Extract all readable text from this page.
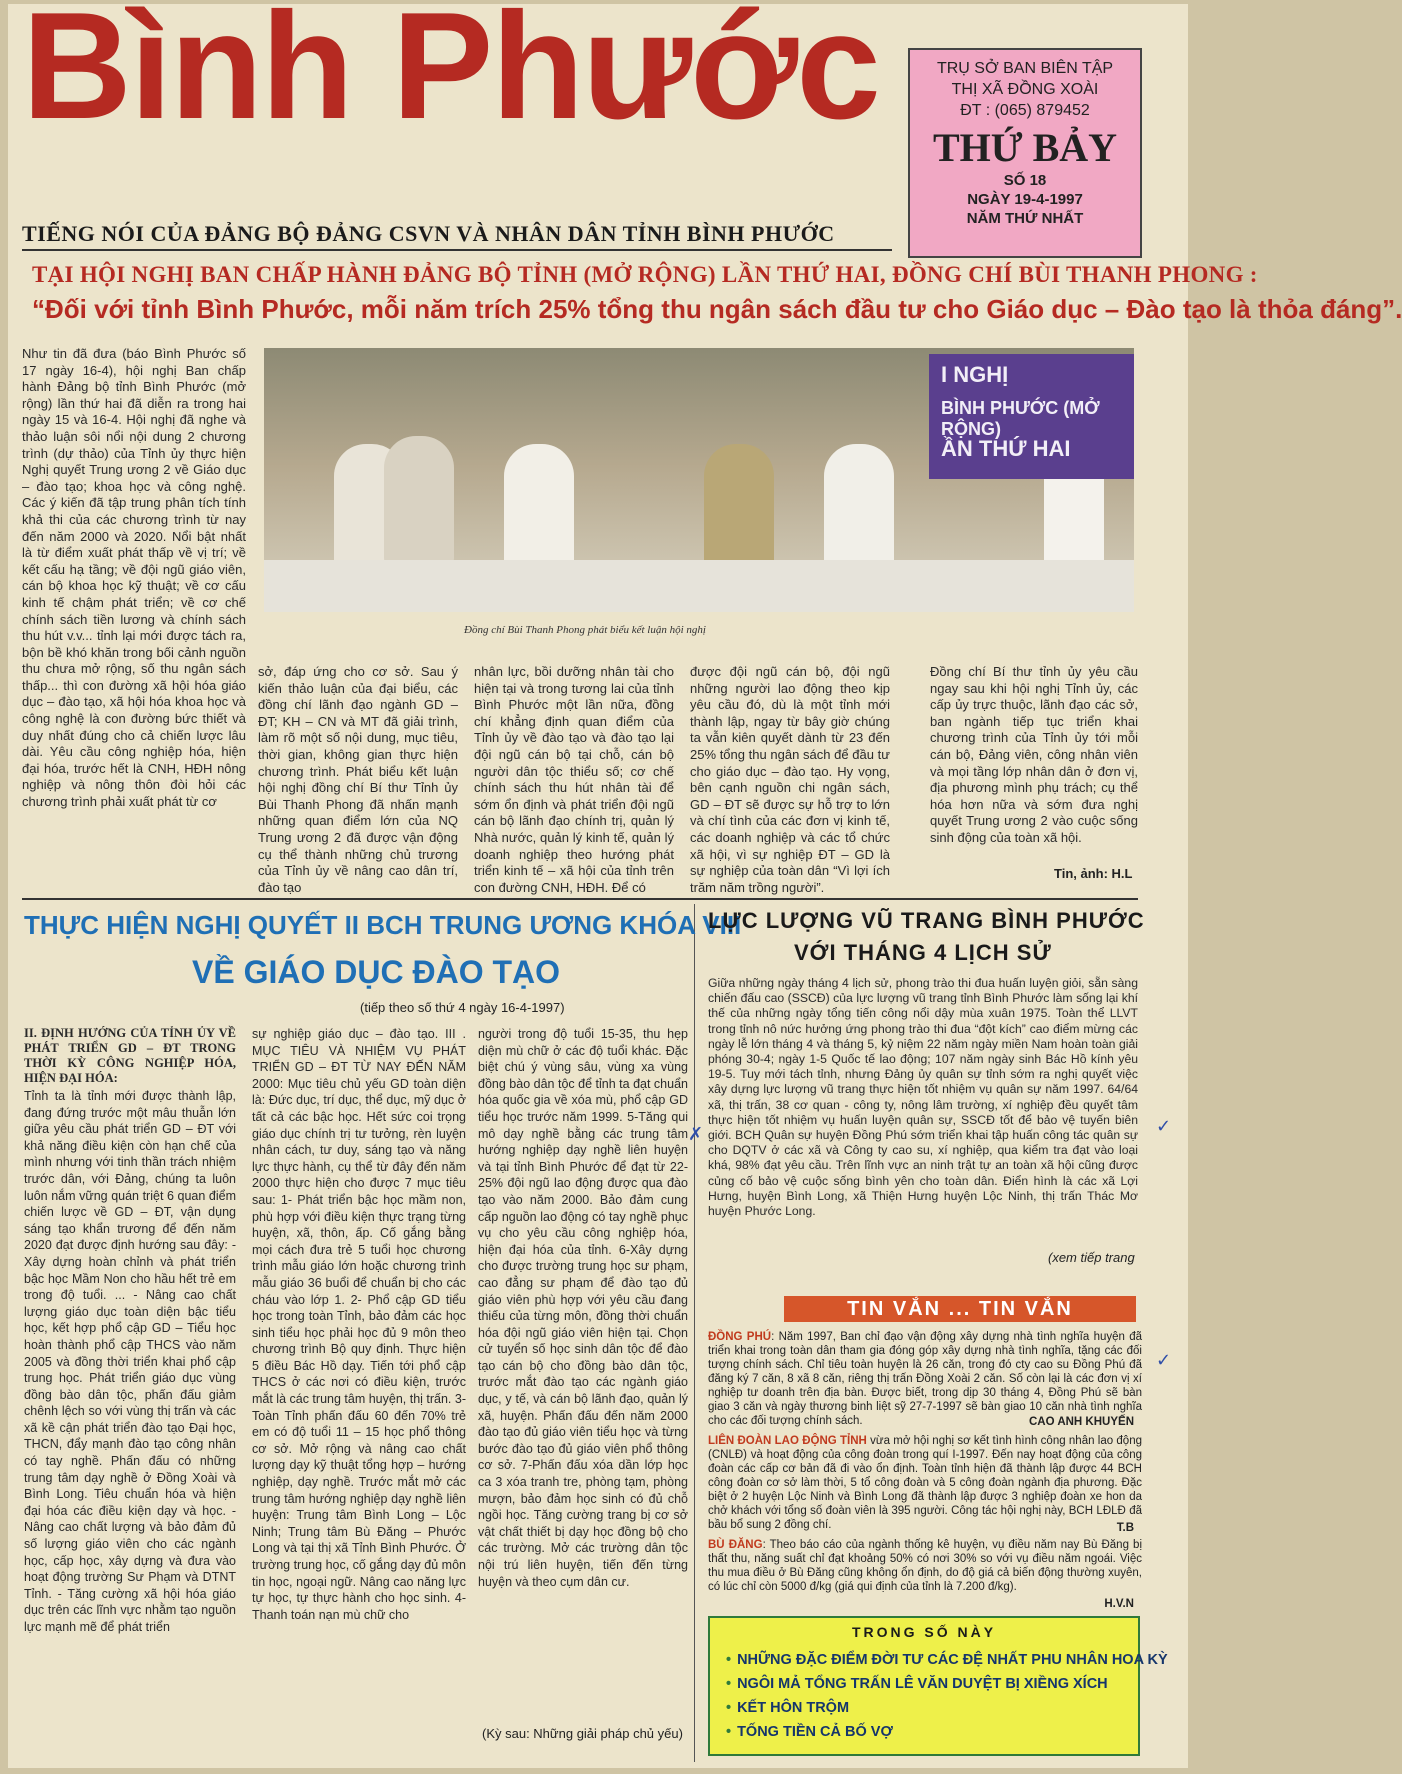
Bình Phước
TIẾNG NÓI CỦA ĐẢNG BỘ ĐẢNG CSVN VÀ NHÂN DÂN TỈNH BÌNH PHƯỚC
TRỤ SỞ BAN BIÊN TẬP
THỊ XÃ ĐỒNG XOÀI
ĐT : (065) 879452
THỨ BẢY
SỐ 18
NGÀY 19-4-1997
NĂM THỨ NHẤT
TẠI HỘI NGHỊ BAN CHẤP HÀNH ĐẢNG BỘ TỈNH (MỞ RỘNG) LẦN THỨ HAI, ĐỒNG CHÍ BÙI THANH PHONG :
“Đối với tỉnh Bình Phước, mỗi năm trích 25% tổng thu ngân sách đầu tư cho Giáo dục – Đào tạo là thỏa đáng”.
Như tin đã đưa (báo Bình Phước số 17 ngày 16-4), hội nghị Ban chấp hành Đảng bộ tỉnh Bình Phước (mở rộng) lần thứ hai đã diễn ra trong hai ngày 15 và 16-4. Hội nghị đã nghe và thảo luận sôi nổi nội dung 2 chương trình (dự thảo) của Tỉnh ủy thực hiện Nghị quyết Trung ương 2 về Giáo dục – đào tạo; khoa học và công nghệ. Các ý kiến đã tập trung phân tích tính khả thi của các chương trình từ nay đến năm 2000 và 2020. Nổi bật nhất là từ điểm xuất phát thấp về vị trí; về kết cấu hạ tầng; về đội ngũ giáo viên, cán bộ khoa học kỹ thuật; về cơ cấu kinh tế chậm phát triển; về cơ chế chính sách tiền lương và chính sách thu hút v.v... tỉnh lại mới được tách ra, bộn bề khó khăn trong bối cảnh nguồn thu chưa mở rộng, số thu ngân sách thấp... thì con đường xã hội hóa giáo dục – đào tạo, xã hội hóa khoa học và công nghệ là con đường bức thiết và duy nhất đúng cho cả chiến lược lâu dài. Yêu cầu công nghiệp hóa, hiện đại hóa, trước hết là CNH, HĐH nông nghiệp và nông thôn đòi hỏi các chương trình phải xuất phát từ cơ
I NGHỊ
BÌNH PHƯỚC (MỞ RỘNG)
ẦN THỨ HAI
Đồng chí Bùi Thanh Phong phát biểu kết luận hội nghị
sở, đáp ứng cho cơ sở. Sau ý kiến thảo luận của đại biểu, các đồng chí lãnh đạo ngành GD – ĐT; KH – CN và MT đã giải trình, làm rõ một số nội dung, mục tiêu, thời gian, không gian thực hiện chương trình. Phát biểu kết luận hội nghị đồng chí Bí thư Tỉnh ủy Bùi Thanh Phong đã nhấn mạnh những quan điểm lớn của NQ Trung ương 2 đã được vận động cụ thể thành những chủ trương của Tỉnh ủy về nâng cao dân trí, đào tạo
nhân lực, bồi dưỡng nhân tài cho hiện tại và trong tương lai của tỉnh Bình Phước một lần nữa, đồng chí khẳng định quan điểm của Tỉnh ủy về đào tạo và đào tạo lại đội ngũ cán bộ tại chỗ, cán bộ người dân tộc thiểu số; cơ chế chính sách thu hút nhân tài để sớm ổn định và phát triển đội ngũ cán bộ lãnh đạo chính trị, quản lý Nhà nước, quản lý kinh tế, quản lý doanh nghiệp theo hướng phát triển kinh tế – xã hội của tỉnh trên con đường CNH, HĐH. Để có
được đội ngũ cán bộ, đội ngũ những người lao động theo kịp yêu cầu đó, dù là một tỉnh mới thành lập, ngay từ bây giờ chúng ta vẫn kiên quyết dành từ 23 đến 25% tổng thu ngân sách để đầu tư cho giáo dục – đào tạo. Hy vọng, bên cạnh nguồn chi ngân sách, GD – ĐT sẽ được sự hỗ trợ to lớn và chí tình của các đơn vị kinh tế, các doanh nghiệp và các tổ chức xã hội, vì sự nghiệp ĐT – GD là sự nghiệp của toàn dân “Vì lợi ích trăm năm trồng người”.
Đồng chí Bí thư tỉnh ủy yêu cầu ngay sau khi hội nghị Tỉnh ủy, các cấp ủy trực thuộc, lãnh đạo các sở, ban ngành tiếp tục triển khai chương trình của Tỉnh ủy tới mỗi cán bộ, Đảng viên, công nhân viên và mọi tầng lớp nhân dân ở đơn vị, địa phương mình phụ trách; cụ thể hóa hơn nữa và sớm đưa nghị quyết Trung ương 2 vào cuộc sống sinh động của toàn xã hội.
Tin, ảnh: H.L
THỰC HIỆN NGHỊ QUYẾT II BCH TRUNG ƯƠNG KHÓA VIII
VỀ GIÁO DỤC ĐÀO TẠO
(tiếp theo số thứ 4 ngày 16-4-1997)
II. ĐỊNH HƯỚNG CỦA TỈNH ỦY VỀ PHÁT TRIỂN GD – ĐT TRONG THỜI KỲ CÔNG NGHIỆP HÓA, HIỆN ĐẠI HÓA:
Tỉnh ta là tỉnh mới được thành lập, đang đứng trước một mâu thuẫn lớn giữa yêu cầu phát triển GD – ĐT với khả năng điều kiện còn hạn chế của mình nhưng với tinh thần trách nhiệm trước dân, với Đảng, chúng ta luôn luôn nắm vững quán triệt 6 quan điểm chiến lược về GD – ĐT, vận dụng sáng tạo khẩn trương để đến năm 2020 đạt được định hướng sau đây: - Xây dựng hoàn chỉnh và phát triển bậc học Mầm Non cho hầu hết trẻ em trong độ tuổi. ... - Nâng cao chất lượng giáo dục toàn diện bậc tiểu học, kết hợp phổ cập GD – Tiểu học hoàn thành phổ cập THCS vào năm 2005 và đồng thời triển khai phổ cập trung học. Phát triển giáo dục vùng đồng bào dân tộc, phấn đấu giảm chênh lệch so với vùng thị trấn và các xã kề cận phát triển đào tạo Đại học, THCN, đẩy mạnh đào tạo công nhân có tay nghề. Phấn đấu có những trung tâm dạy nghề ở Đồng Xoài và Bình Long. Tiêu chuẩn hóa và hiện đại hóa các điều kiện dạy và học. - Nâng cao chất lượng và bảo đảm đủ số lượng giáo viên cho các ngành học, cấp học, xây dựng và đưa vào hoạt động trường Sư Phạm và DTNT Tỉnh. - Tăng cường xã hội hóa giáo dục trên các lĩnh vực nhằm tạo nguồn lực mạnh mẽ để phát triển
sự nghiệp giáo dục – đào tạo. III . MỤC TIÊU VÀ NHIỆM VỤ PHÁT TRIỂN GD – ĐT TỪ NAY ĐẾN NĂM 2000: Mục tiêu chủ yếu GD toàn diện là: Đức dục, trí dục, thể dục, mỹ dục ở tất cả các bậc học. Hết sức coi trọng giáo dục chính trị tư tưởng, rèn luyện nhân cách, tư duy, sáng tạo và năng lực thực hành, cụ thể từ đây đến năm 2000 thực hiện cho được 7 mục tiêu sau: 1- Phát triển bậc học mầm non, phù hợp với điều kiện thực trạng từng huyện, xã, thôn, ấp. Cố gắng bằng mọi cách đưa trẻ 5 tuổi học chương trình mẫu giáo lớn hoặc chương trình mẫu giáo 36 buổi để chuẩn bị cho các cháu vào lớp 1. 2- Phổ cập GD tiểu học trong toàn Tỉnh, bảo đảm các học sinh tiểu học phải học đủ 9 môn theo chương trình Bộ quy định. Thực hiện 5 điều Bác Hồ dạy. Tiến tới phổ cập THCS ở các nơi có điều kiện, trước mắt là các trung tâm huyện, thị trấn. 3-Toàn Tỉnh phấn đấu 60 đến 70% trẻ em có độ tuổi 11 – 15 học phổ thông cơ sở. Mở rộng và nâng cao chất lượng dạy kỹ thuật tổng hợp – hướng nghiệp, dạy nghề. Trước mắt mở các trung tâm hướng nghiệp dạy nghề liên huyện: Trung tâm Bình Long – Lộc Ninh; Trung tâm Bù Đăng – Phước Long và tại thị xã Tỉnh Bình Phước. Ở trường trung học, cố gắng dạy đủ môn tin học, ngoại ngữ. Nâng cao năng lực tự học, tự thực hành cho học sinh. 4-Thanh toán nạn mù chữ cho
người trong độ tuổi 15-35, thu hẹp diện mù chữ ở các độ tuổi khác. Đặc biệt chú ý vùng sâu, vùng xa vùng đồng bào dân tộc để tỉnh ta đạt chuẩn hóa quốc gia về xóa mù, phổ cập GD tiểu học trước năm 1999. 5-Tăng qui mô dạy nghề bằng các trung tâm hướng nghiệp dạy nghề liên huyện và tại tỉnh Bình Phước để đạt từ 22-25% đội ngũ lao động được qua đào tạo vào năm 2000. Bảo đảm cung cấp nguồn lao động có tay nghề phục vụ cho yêu cầu công nghiệp hóa, hiện đại hóa của tỉnh. 6-Xây dựng cho được trường trung học sư phạm, cao đẳng sư phạm để đào tạo đủ giáo viên phù hợp với yêu cầu đang thiếu của từng môn, đồng thời chuẩn hóa đội ngũ giáo viên hiện tại. Chọn cử tuyển số học sinh dân tộc để đào tạo cán bộ cho đồng bào dân tộc, trước mắt đào tạo các ngành giáo dục, y tế, và cán bộ lãnh đạo, quản lý xã, huyện. Phấn đấu đến năm 2000 đào tạo đủ giáo viên tiểu học và từng bước đào tạo đủ giáo viên phổ thông cơ sở. 7-Phấn đấu xóa dần lớp học ca 3 xóa tranh tre, phòng tạm, phòng mượn, bảo đảm học sinh có đủ chỗ ngồi học. Tăng cường trang bị cơ sở vật chất thiết bị dạy học đồng bộ cho các trường. Mở các trường dân tộc nội trú liên huyện, tiến đến từng huyện và theo cụm dân cư.
(Kỳ sau: Những giải pháp chủ yếu)
LỰC LƯỢNG VŨ TRANG BÌNH PHƯỚC
VỚI THÁNG 4 LỊCH SỬ
Giữa những ngày tháng 4 lịch sử, phong trào thi đua huấn luyện giỏi, sẵn sàng chiến đấu cao (SSCĐ) của lực lượng vũ trang tỉnh Bình Phước làm sống lại khí thế của những ngày tổng tiến công nổi dậy mùa xuân 1975. Toàn thể LLVT trong tỉnh nô nức hưởng ứng phong trào thi đua “đột kích” cao điểm mừng các ngày lễ lớn tháng 4 và tháng 5, kỷ niệm 22 năm ngày miền Nam hoàn toàn giải phóng 30-4; ngày 1-5 Quốc tế lao động; 107 năm ngày sinh Bác Hồ kính yêu 19-5. Tuy mới tách tỉnh, nhưng Đảng ủy quân sự tỉnh sớm ra nghị quyết việc xây dựng lực lượng vũ trang thực hiện tốt nhiệm vụ quân sự năm 1997. 64/64 xã, thị trấn, 38 cơ quan - công ty, nông lâm trường, xí nghiệp đều quyết tâm thực hiện tốt nhiệm vụ huấn luyện quân sự, SSCĐ tốt để bảo vệ tuyến biên giới. BCH Quân sự huyện Đồng Phú sớm triển khai tập huấn công tác quân sự cho DQTV ở các xã và Công ty cao su, xí nghiệp, qua kiểm tra đạt vào loại khá, 98% đạt yêu cầu. Trên lĩnh vực an ninh trật tự an toàn xã hội cũng được củng cố bảo vệ cuộc sống bình yên cho toàn dân. Điển hình là các xã Lợi Hưng, huyện Bình Long, xã Thiện Hưng huyện Lộc Ninh, thị trấn Thác Mơ huyện Phước Long.
(xem tiếp trang
TIN VẮN ... TIN VẮN
ĐỒNG PHÚ: Năm 1997, Ban chỉ đạo vận động xây dựng nhà tình nghĩa huyện đã triển khai trong toàn dân tham gia đóng góp xây dựng nhà tình nghĩa, tặng các đối tượng chính sách. Chỉ tiêu toàn huyện là 26 căn, trong đó cty cao su Đồng Phú đã đăng ký 7 căn, 8 xã 8 căn, riêng thị trấn Đồng Xoài 2 căn. Số còn lại là các đơn vị xí nghiệp tư doanh trên địa bàn. Được biết, trong dịp 30 tháng 4, Đồng Phú sẽ bàn giao 3 căn và ngày thương binh liệt sỹ 27-7-1997 sẽ bàn giao 10 căn nhà tình nghĩa cho các đối tượng chính sách.	CAO ANH KHUYẾN
LIÊN ĐOÀN LAO ĐỘNG TỈNH vừa mở hội nghị sơ kết tình hình công nhân lao động (CNLĐ) và hoạt động của công đoàn trong quí I-1997. Đến nay hoạt động của công đoàn các cấp cơ bản đã đi vào ổn định. Toàn tỉnh hiện đã thành lập được 44 BCH công đoàn cơ sở làm thời, 5 tổ công đoàn và 5 công đoàn ngành địa phương. Đặc biệt ở 2 huyện Lộc Ninh và Bình Long đã thành lập được 3 nghiệp đoàn xe hon da chở khách với tổng số đoàn viên là 395 người. Công tác hội nghị này, BCH LĐLĐ đã bầu bổ sung 2 đồng chí.	T.B
BÙ ĐĂNG: Theo báo cáo của ngành thống kê huyện, vụ điều năm nay Bù Đăng bị thất thu, năng suất chỉ đạt khoảng 50% có nơi 30% so với vụ điều năm ngoái. Việc thu mua điều ở Bù Đăng cũng không ổn định, do độ giá cả biến động thường xuyên, có lúc chỉ còn 5000 đ/kg (giá qui định của tỉnh là 7.200 đ/kg).
H.V.N
TRONG SỐ NÀY
• NHỮNG ĐẶC ĐIỂM ĐỜI TƯ CÁC ĐỆ NHẤT PHU NHÂN HOA KỲ
• NGÔI MẢ TỔNG TRẤN LÊ VĂN DUYỆT BỊ XIỀNG XÍCH
• KẾT HÔN TRỘM
• TỐNG TIỀN CẢ BỐ VỢ
✓
✓
✗
